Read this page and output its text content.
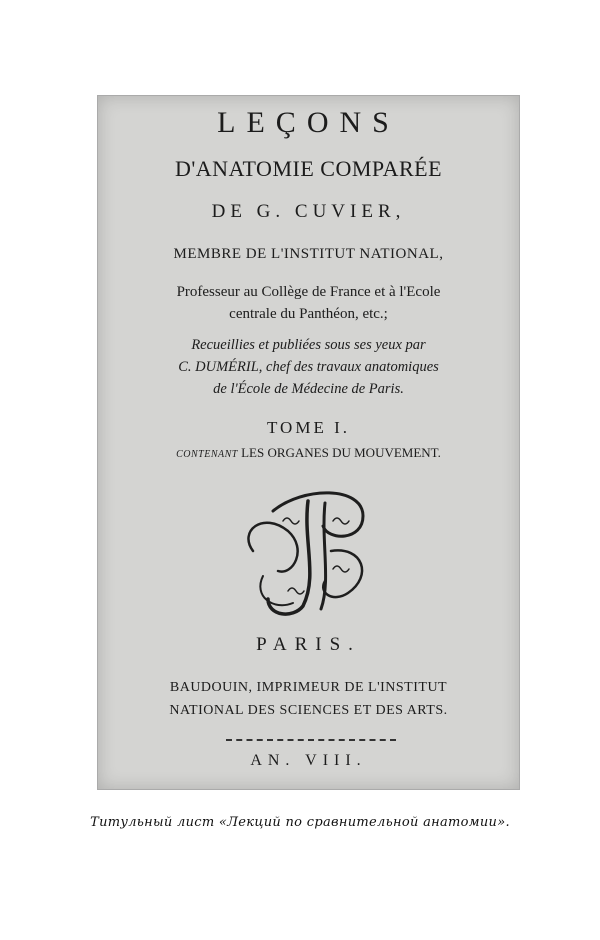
LEÇONS
D'ANATOMIE COMPARÉE
DE G. CUVIER,
MEMBRE DE L'INSTITUT NATIONAL,
Professeur au Collège de France et à l'Ecole
centrale du Panthéon, etc.;
Recueillies et publiées sous ses yeux par
C. DUMÉRIL, chef des travaux anatomiques
de l'École de Médecine de Paris.
TOME I.
CONTENANT LES ORGANES DU MOUVEMENT.
PARIS.
BAUDOUIN, IMPRIMEUR DE L'INSTITUT
NATIONAL DES SCIENCES ET DES ARTS.
AN. VIII.
Титульный лист «Лекций по сравнительной анатомии».
